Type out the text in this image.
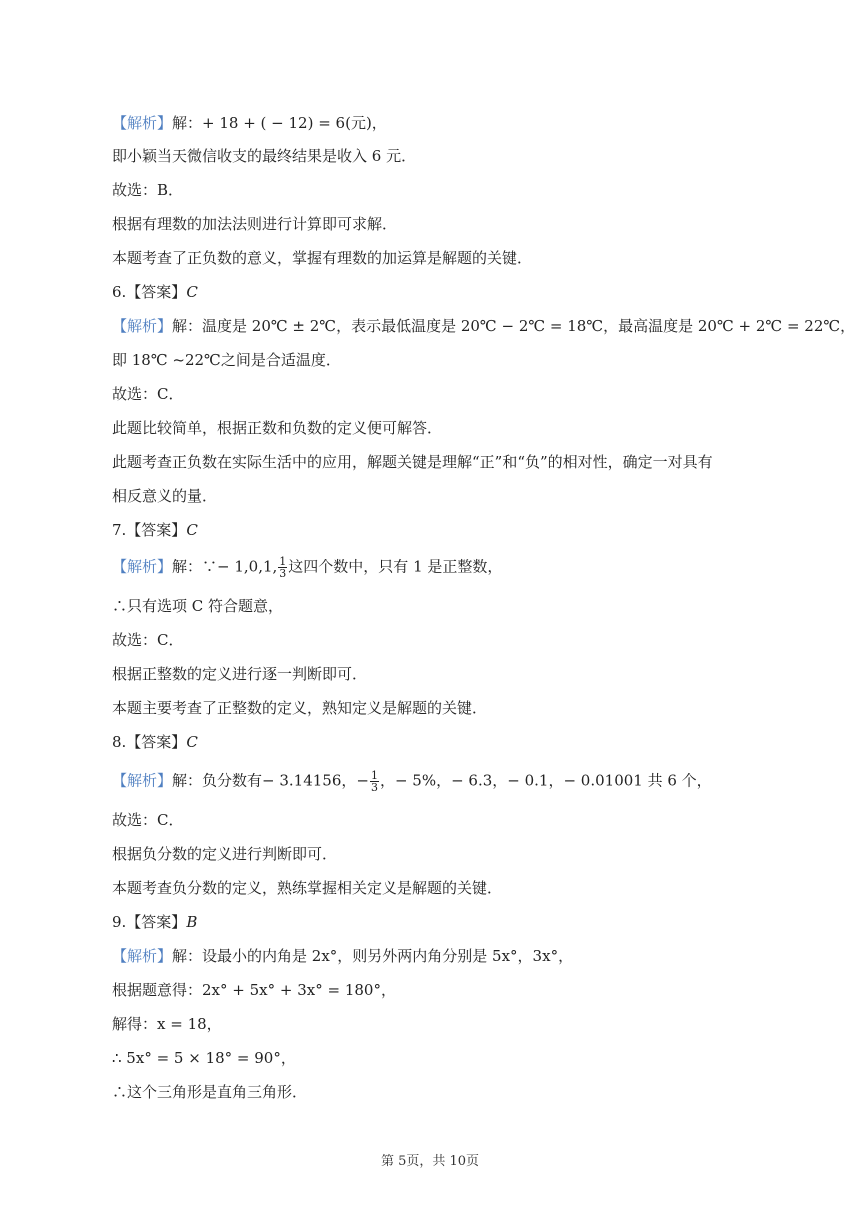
【解析】解：+ 18 + ( − 12) = 6(元)，
即小颖当天微信收支的最终结果是收入 6 元．
故选：B．
根据有理数的加法法则进行计算即可求解．
本题考查了正负数的意义，掌握有理数的加运算是解题的关键．
6.【答案】C
【解析】解：温度是 20℃ ± 2℃，表示最低温度是 20℃ − 2℃ = 18℃，最高温度是 20℃ + 2℃ = 22℃，
即 18℃ ~22℃之间是合适温度．
故选：C．
此题比较简单，根据正数和负数的定义便可解答．
此题考查正负数在实际生活中的应用，解题关键是理解“正”和“负”的相对性，确定一对具有
相反意义的量．
7.【答案】C
【解析】解：∵− 1,0,1, $\frac{1}{3}$ 这四个数中，只有 1 是正整数，
∴只有选项 C 符合题意，
故选：C．
根据正整数的定义进行逐一判断即可．
本题主要考查了正整数的定义，熟知定义是解题的关键．
8.【答案】C
【解析】解：负分数有− 3.14156，− $\frac{1}{3}$ ，− 5%，− 6.3，− 0.1，− 0.01001 共 6 个，
故选：C．
根据负分数的定义进行判断即可．
本题考查负分数的定义，熟练掌握相关定义是解题的关键．
9.【答案】B
【解析】解：设最小的内角是 2x°，则另外两内角分别是 5x°，3x°，
根据题意得：2x° + 5x° + 3x° = 180°，
解得：x = 18，
∴ 5x° = 5 × 18° = 90°，
∴这个三角形是直角三角形．
第 5页，共 10页
